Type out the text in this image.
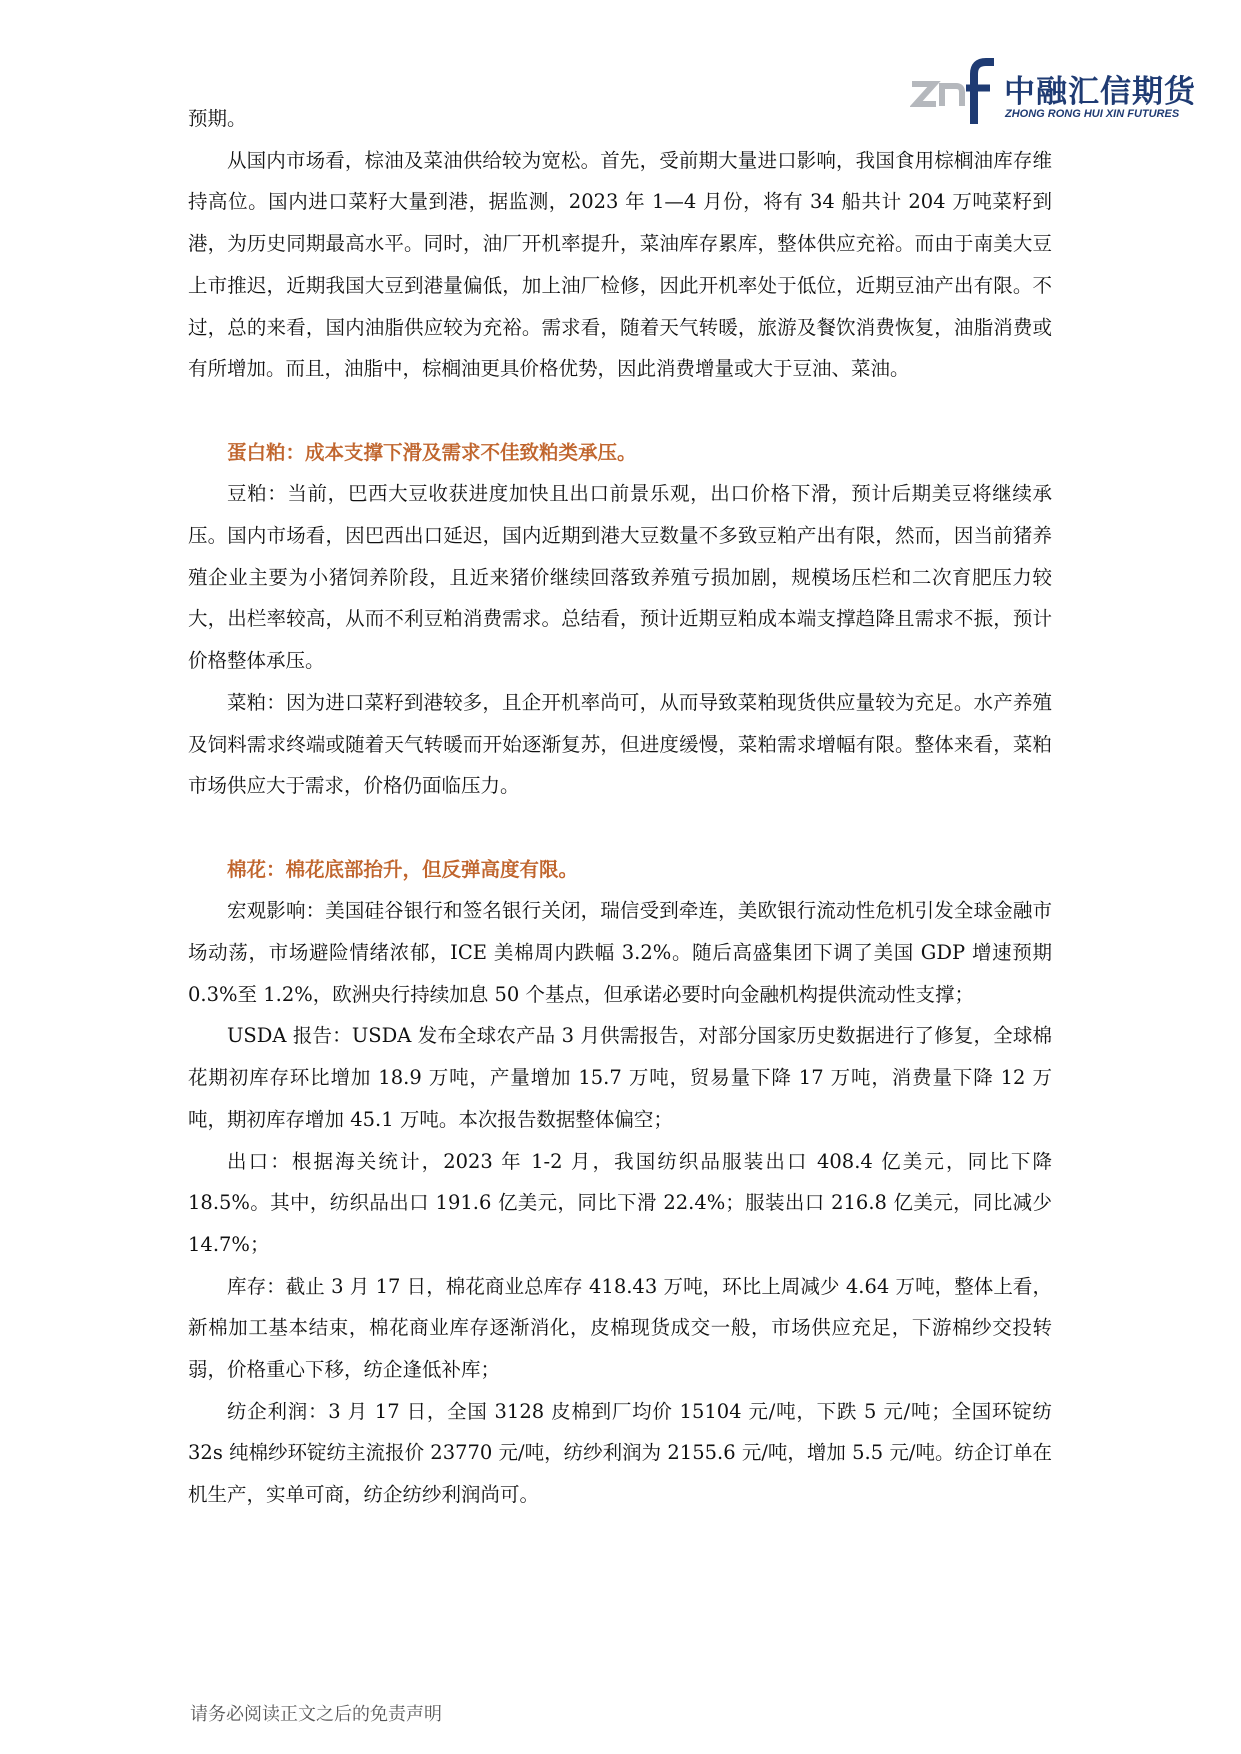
中融汇信期货
ZHONG RONG HUI XIN FUTURES

预期。

从国内市场看，棕油及菜油供给较为宽松。首先，受前期大量进口影响，我国食用棕榈油库存维持高位。国内进口菜籽大量到港，据监测，2023 年 1—4 月份，将有 34 船共计 204 万吨菜籽到港，为历史同期最高水平。同时，油厂开机率提升，菜油库存累库，整体供应充裕。而由于南美大豆上市推迟，近期我国大豆到港量偏低，加上油厂检修，因此开机率处于低位，近期豆油产出有限。不过，总的来看，国内油脂供应较为充裕。需求看，随着天气转暖，旅游及餐饮消费恢复，油脂消费或有所增加。而且，油脂中，棕榈油更具价格优势，因此消费增量或大于豆油、菜油。

蛋白粕：成本支撑下滑及需求不佳致粕类承压。

豆粕：当前，巴西大豆收获进度加快且出口前景乐观，出口价格下滑，预计后期美豆将继续承压。国内市场看，因巴西出口延迟，国内近期到港大豆数量不多致豆粕产出有限，然而，因当前猪养殖企业主要为小猪饲养阶段，且近来猪价继续回落致养殖亏损加剧，规模场压栏和二次育肥压力较大，出栏率较高，从而不利豆粕消费需求。总结看，预计近期豆粕成本端支撑趋降且需求不振，预计价格整体承压。

菜粕：因为进口菜籽到港较多，且企开机率尚可，从而导致菜粕现货供应量较为充足。水产养殖及饲料需求终端或随着天气转暖而开始逐渐复苏，但进度缓慢，菜粕需求增幅有限。整体来看，菜粕市场供应大于需求，价格仍面临压力。

棉花：棉花底部抬升，但反弹高度有限。

宏观影响：美国硅谷银行和签名银行关闭，瑞信受到牵连，美欧银行流动性危机引发全球金融市场动荡，市场避险情绪浓郁，ICE 美棉周内跌幅 3.2%。随后高盛集团下调了美国 GDP 增速预期 0.3%至 1.2%，欧洲央行持续加息 50 个基点，但承诺必要时向金融机构提供流动性支撑；

USDA 报告：USDA 发布全球农产品 3 月供需报告，对部分国家历史数据进行了修复，全球棉花期初库存环比增加 18.9 万吨，产量增加 15.7 万吨，贸易量下降 17 万吨，消费量下降 12 万吨，期初库存增加 45.1 万吨。本次报告数据整体偏空；

出口：根据海关统计，2023 年 1-2 月，我国纺织品服装出口 408.4 亿美元，同比下降 18.5%。其中，纺织品出口 191.6 亿美元，同比下滑 22.4%；服装出口 216.8 亿美元，同比减少 14.7%；

库存：截止 3 月 17 日，棉花商业总库存 418.43 万吨，环比上周减少 4.64 万吨，整体上看，新棉加工基本结束，棉花商业库存逐渐消化，皮棉现货成交一般，市场供应充足，下游棉纱交投转弱，价格重心下移，纺企逢低补库；

纺企利润：3 月 17 日，全国 3128 皮棉到厂均价 15104 元/吨，下跌 5 元/吨；全国环锭纺 32s 纯棉纱环锭纺主流报价 23770 元/吨，纺纱利润为 2155.6 元/吨，增加 5.5 元/吨。纺企订单在机生产，实单可商，纺企纺纱利润尚可。

请务必阅读正文之后的免责声明
